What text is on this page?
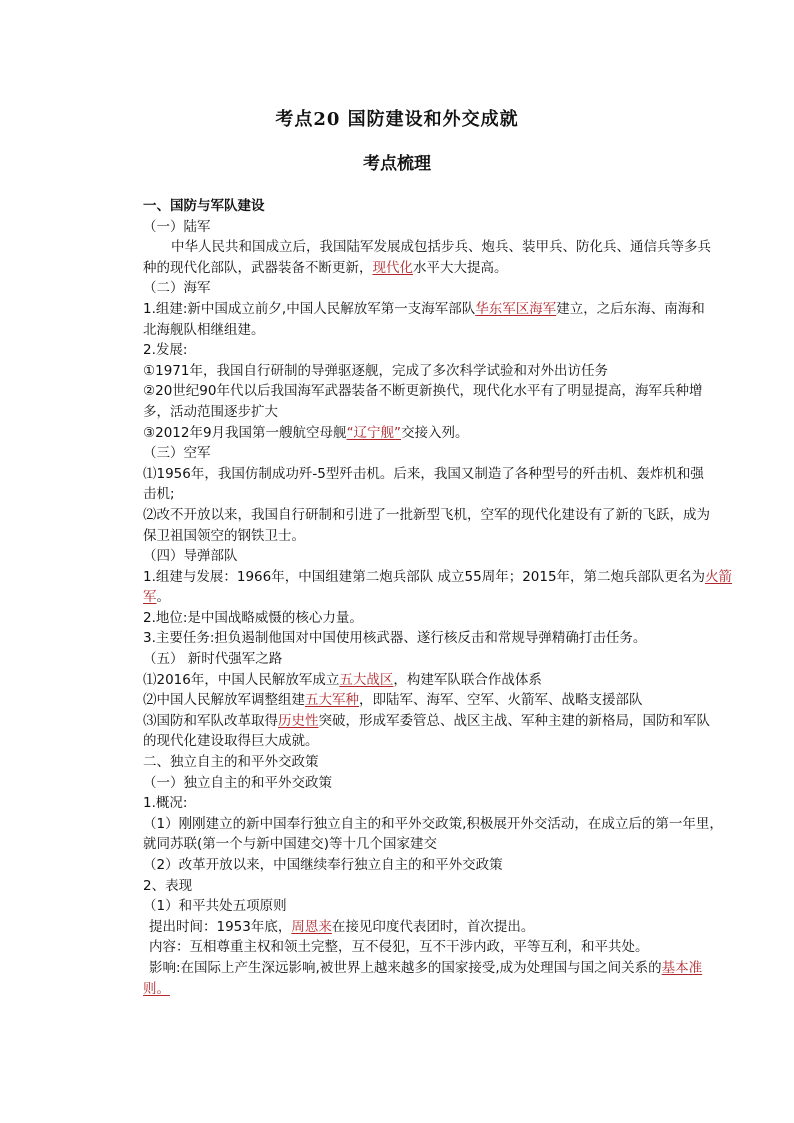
考点20 国防建设和外交成就
考点梳理
一、国防与军队建设
（一）陆军
中华人民共和国成立后，我国陆军发展成包括步兵、炮兵、装甲兵、防化兵、通信兵等多兵
种的现代化部队，武器装备不断更新，现代化水平大大提高。
（二）海军
1.组建:新中国成立前夕,中国人民解放军第一支海军部队华东军区海军建立，之后东海、南海和
北海舰队相继组建。
2.发展:
①1971年，我国自行研制的导弹驱逐舰，完成了多次科学试验和对外出访任务
②20世纪90年代以后我国海军武器装备不断更新换代，现代化水平有了明显提高，海军兵种增
多，活动范围逐步扩大
③2012年9月我国第一艘航空母舰“辽宁舰”交接入列。
（三）空军
⑴1956年，我国仿制成功歼-5型歼击机。后来，我国又制造了各种型号的歼击机、轰炸机和强
击机;
⑵改不开放以来，我国自行研制和引进了一批新型飞机，空军的现代化建设有了新的飞跃，成为
保卫祖国领空的钢铁卫士。
（四）导弹部队
1.组建与发展：1966年，中国组建第二炮兵部队 成立55周年；2015年，第二炮兵部队更名为火箭
军。
2.地位:是中国战略威慑的核心力量。
3.主要任务:担负遏制他国对中国使用核武器、遂行核反击和常规导弹精确打击任务。
（五） 新时代强军之路
⑴2016年，中国人民解放军成立五大战区，构建军队联合作战体系
⑵中国人民解放军调整组建五大军种，即陆军、海军、空军、火箭军、战略支援部队
⑶国防和军队改革取得历史性突破，形成军委管总、战区主战、军种主建的新格局，国防和军队
的现代化建设取得巨大成就。
二、独立自主的和平外交政策
（一）独立自主的和平外交政策
1.概况:
（1）刚刚建立的新中国奉行独立自主的和平外交政策,积极展开外交活动，在成立后的第一年里，
就同苏联(第一个与新中国建交)等十几个国家建交
（2）改革开放以来，中国继续奉行独立自主的和平外交政策
2、表现
（1）和平共处五项原则
提出时间：1953年底，周恩来在接见印度代表团时，首次提出。
内容：互相尊重主权和领土完整，互不侵犯，互不干涉内政，平等互利，和平共处。
影响:在国际上产生深远影响,被世界上越来越多的国家接受,成为处理国与国之间关系的基本准
则。
